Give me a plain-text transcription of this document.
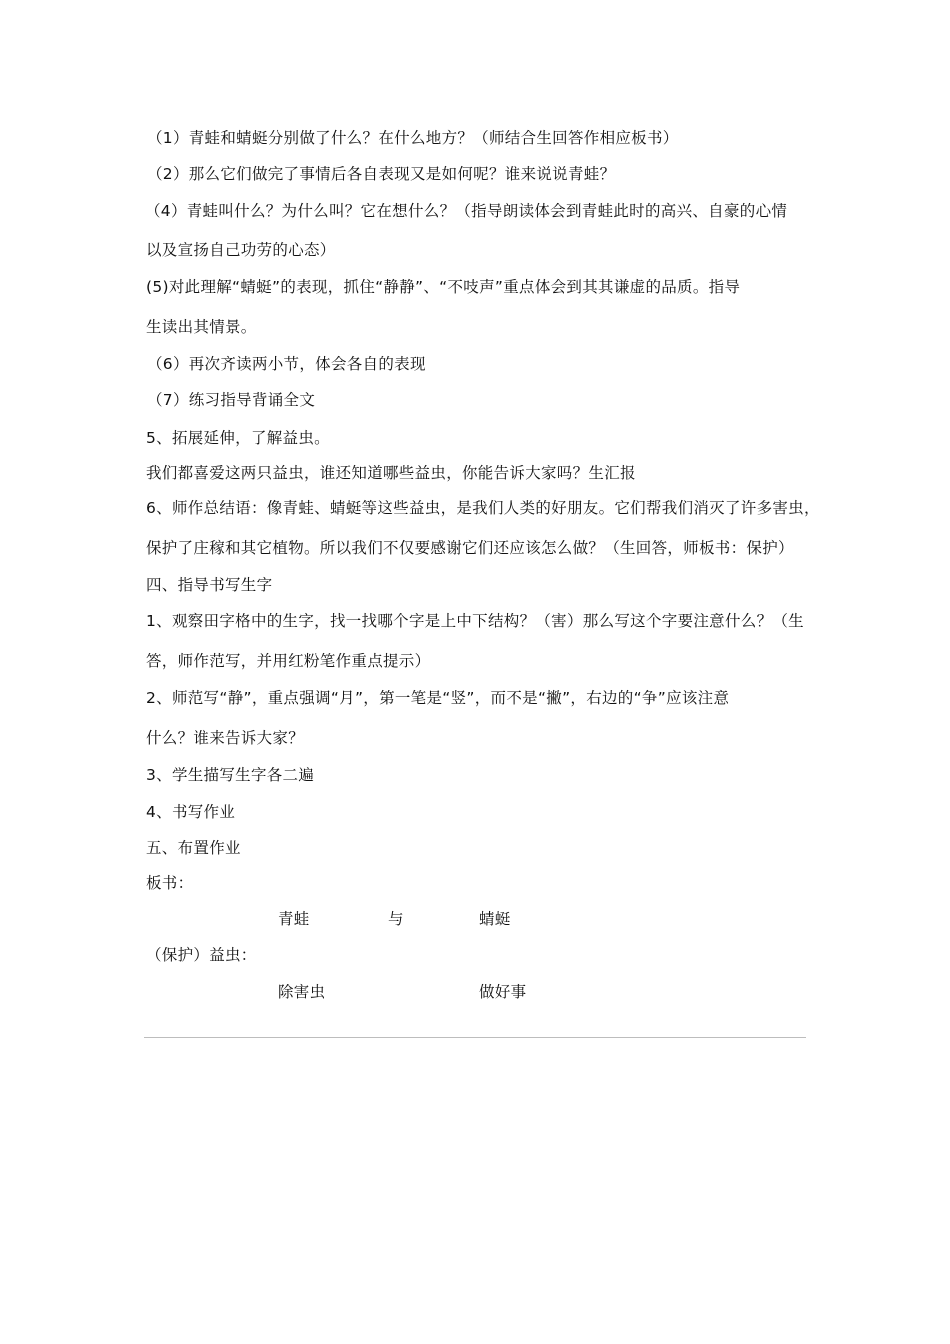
（1）青蛙和蜻蜓分别做了什么？在什么地方？（师结合生回答作相应板书）
（2）那么它们做完了事情后各自表现又是如何呢？谁来说说青蛙？
（4）青蛙叫什么？为什么叫？它在想什么？（指导朗读体会到青蛙此时的高兴、自豪的心情
以及宣扬自己功劳的心态）
(5)对此理解“蜻蜓”的表现，抓住“静静”、“不吱声”重点体会到其其谦虚的品质。指导
生读出其情景。
（6）再次齐读两小节，体会各自的表现
（7）练习指导背诵全文
5、拓展延伸，了解益虫。
我们都喜爱这两只益虫，谁还知道哪些益虫，你能告诉大家吗？生汇报
6、师作总结语：像青蛙、蜻蜓等这些益虫，是我们人类的好朋友。它们帮我们消灭了许多害虫，
保护了庄稼和其它植物。所以我们不仅要感谢它们还应该怎么做？（生回答，师板书：保护）
四、指导书写生字
1、观察田字格中的生字，找一找哪个字是上中下结构？（害）那么写这个字要注意什么？（生
答，师作范写，并用红粉笔作重点提示）
2、师范写“静”，重点强调“月”，第一笔是“竖”，而不是“撇”，右边的“争”应该注意
什么？谁来告诉大家？
3、学生描写生字各二遍
4、书写作业
五、布置作业
板书：
青蛙	与	蜻蜓
（保护）益虫：
除害虫	做好事
